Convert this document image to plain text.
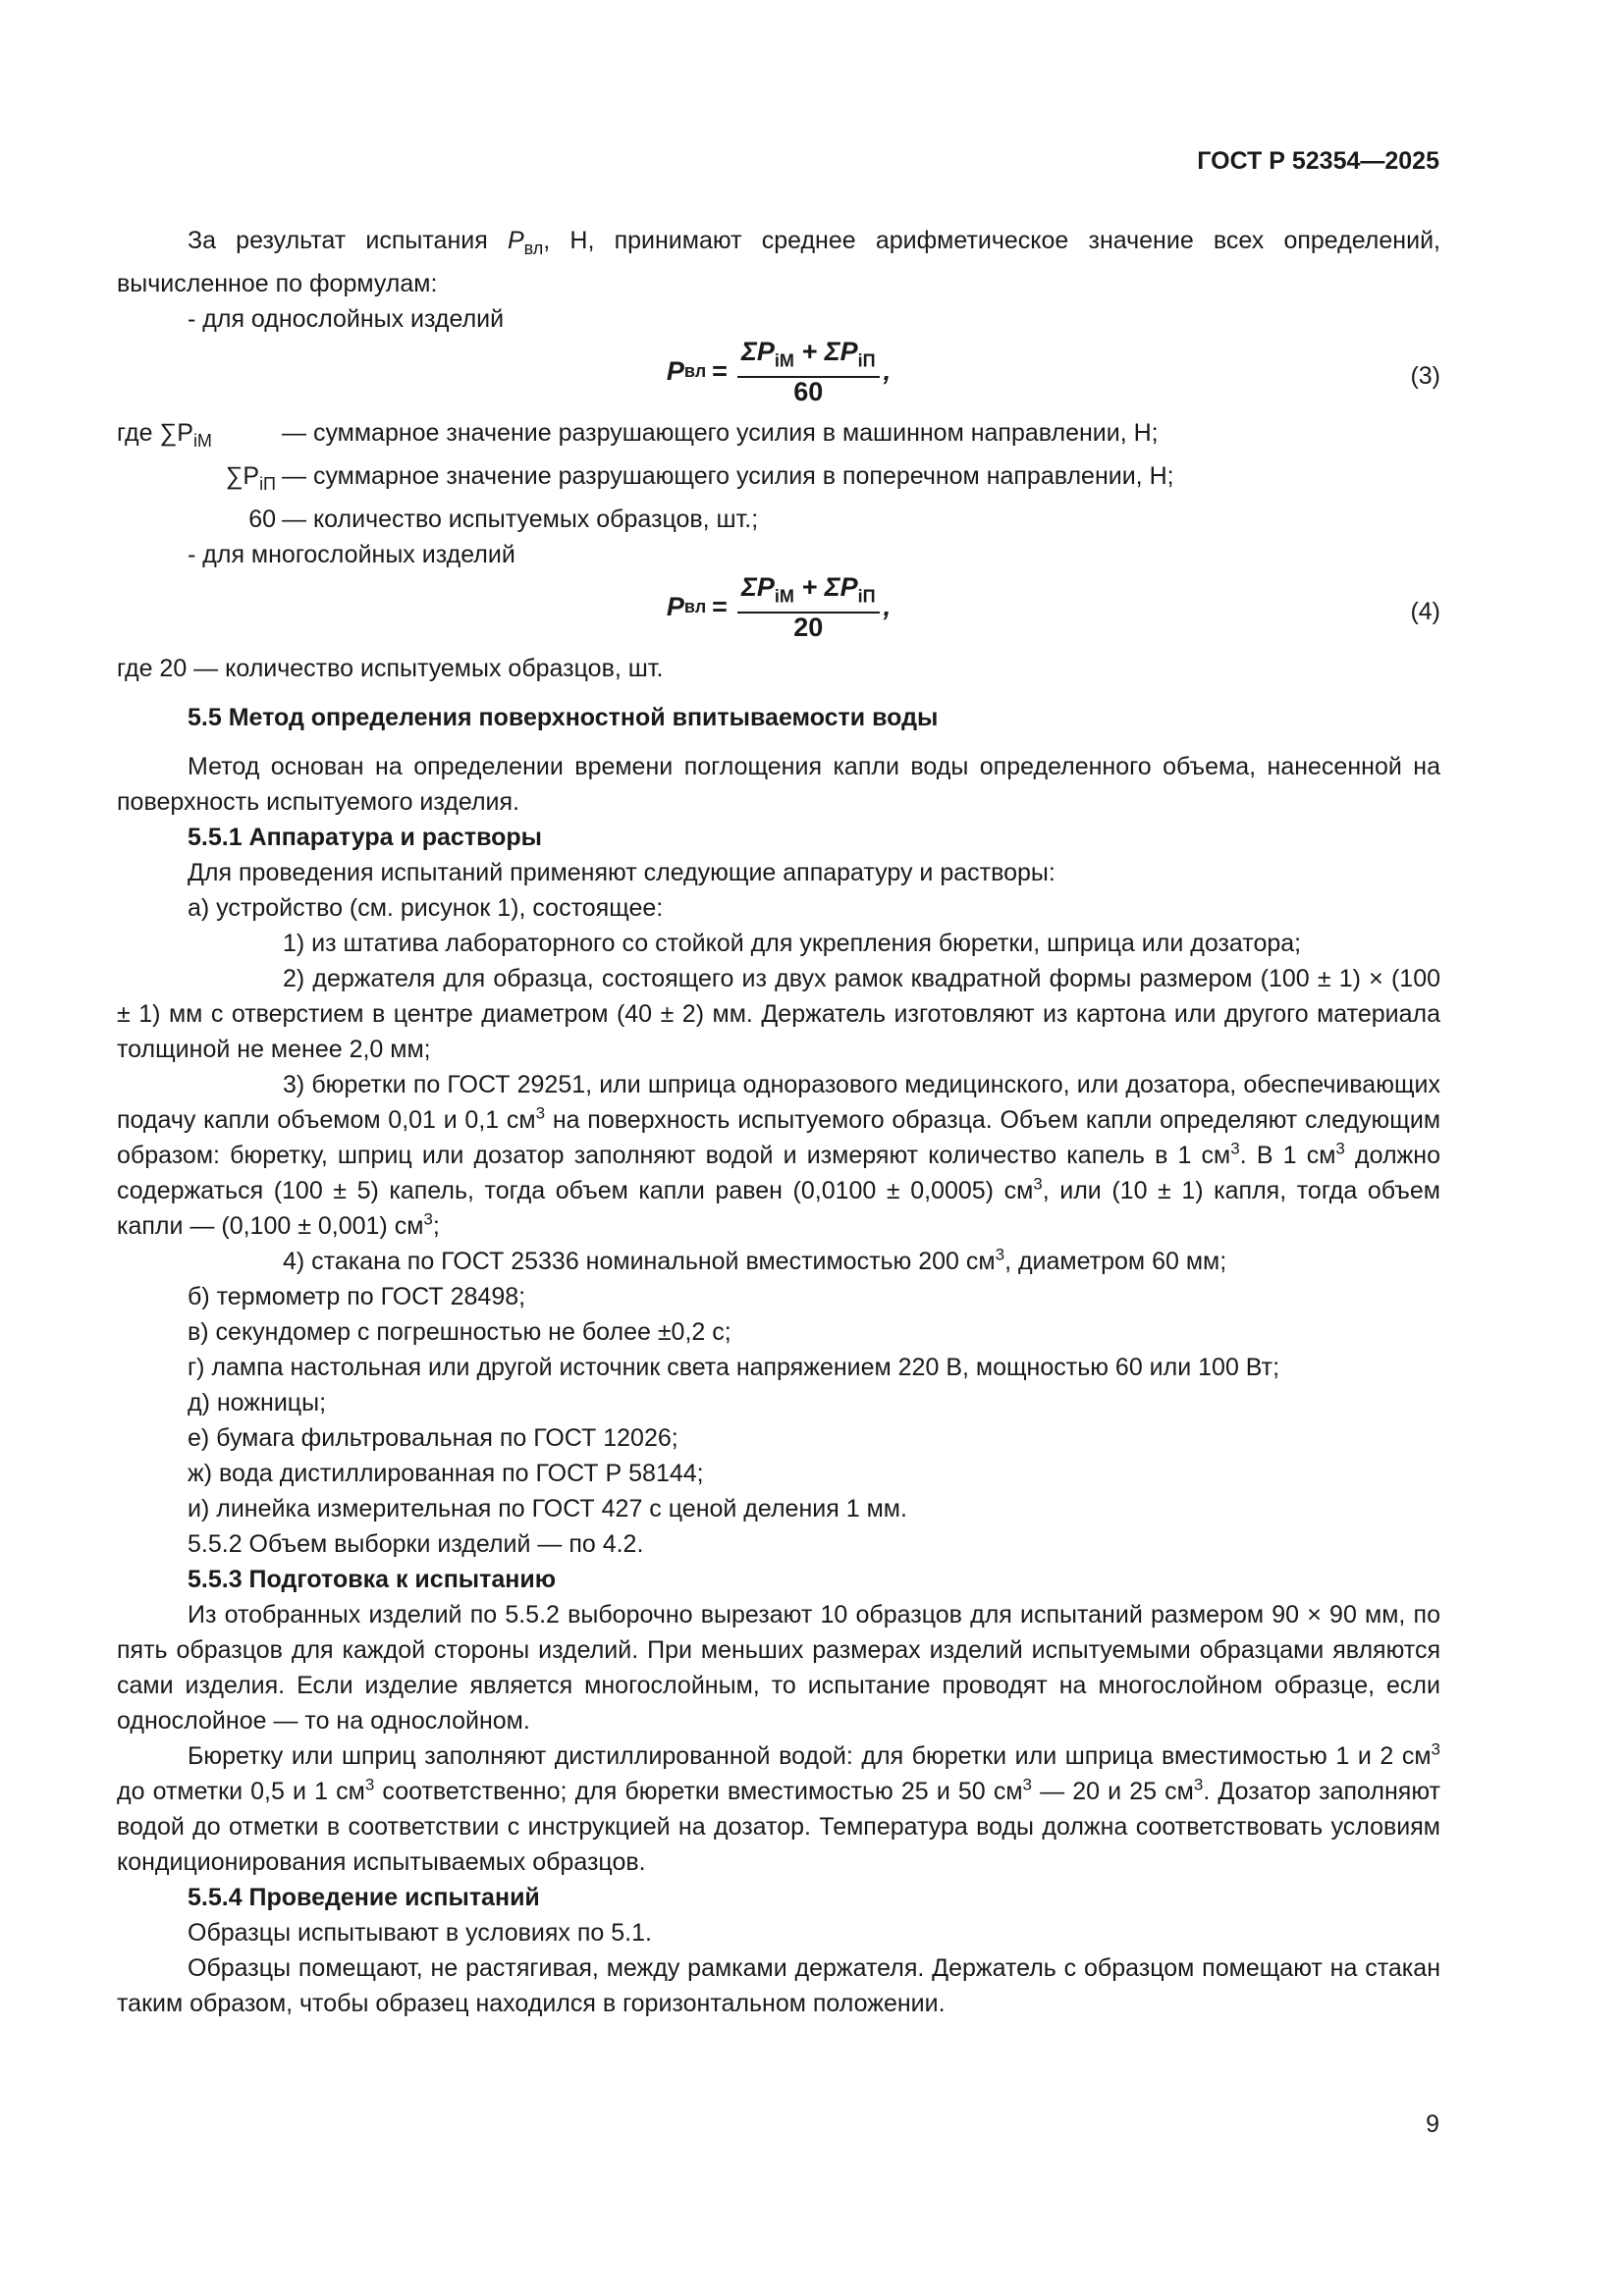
ГОСТ Р 52354—2025

За результат испытания $P_{вл}$, Н, принимают среднее арифметическое значение всех определений, вычисленное по формулам:

- для однослойных изделий

P вл = $\frac{\Sigma P_{iМ} + \Sigma P_{iП}}{60}$ ,	(3)
где $\sum P_{iМ}$	— суммарное значение разрушающего усилия в машинном направлении, Н;
$\sum P_{iП}$ — суммарное значение разрушающего усилия в поперечном направлении, Н;
60 — количество испытуемых образцов, шт.;

- для многослойных изделий

P вл = $\frac{\Sigma P_{iМ} + \Sigma P_{iП}}{20}$ ,	(4)

где 20 — количество испытуемых образцов, шт.

5.5 Метод определения поверхностной впитываемости воды

Метод основан на определении времени поглощения капли воды определенного объема, нанесенной на поверхность испытуемого изделия.

5.5.1 Аппаратура и растворы

Для проведения испытаний применяют следующие аппаратуру и растворы:

а) устройство (см. рисунок 1), состоящее:

1) из штатива лабораторного со стойкой для укрепления бюретки, шприца или дозатора;

2) держателя для образца, состоящего из двух рамок квадратной формы размером (100 ± 1) × (100 ± 1) мм с отверстием в центре диаметром (40 ± 2) мм. Держатель изготовляют из картона или другого материала толщиной не менее 2,0 мм;

3) бюретки по ГОСТ 29251, или шприца одноразового медицинского, или дозатора, обеспечивающих подачу капли объемом 0,01 и 0,1 $см^3$ на поверхность испытуемого образца. Объем капли определяют следующим образом: бюретку, шприц или дозатор заполняют водой и измеряют количество капель в 1 $см^3$. В 1 $см^3$ должно содержаться (100 ± 5) капель, тогда объем капли равен (0,0100 ± 0,0005) $см^3$, или (10 ± 1) капля, тогда объем капли — (0,100 ± 0,001) $см^3$;

4) стакана по ГОСТ 25336 номинальной вместимостью 200 $см^3$, диаметром 60 мм;

б) термометр по ГОСТ 28498;

в) секундомер с погрешностью не более ±0,2 с;

г) лампа настольная или другой источник света напряжением 220 В, мощностью 60 или 100 Вт;

д) ножницы;

е) бумага фильтровальная по ГОСТ 12026;

ж) вода дистиллированная по ГОСТ Р 58144;

и) линейка измерительная по ГОСТ 427 с ценой деления 1 мм.

5.5.2 Объем выборки изделий — по 4.2.

5.5.3 Подготовка к испытанию

Из отобранных изделий по 5.5.2 выборочно вырезают 10 образцов для испытаний размером 90 × 90 мм, по пять образцов для каждой стороны изделий. При меньших размерах изделий испытуемыми образцами являются сами изделия. Если изделие является многослойным, то испытание проводят на многослойном образце, если однослойное — то на однослойном.

Бюретку или шприц заполняют дистиллированной водой: для бюретки или шприца вместимостью 1 и 2 $см^3$ до отметки 0,5 и 1 $см^3$ соответственно; для бюретки вместимостью 25 и 50 $см^3$ — 20 и 25 $см^3$. Дозатор заполняют водой до отметки в соответствии с инструкцией на дозатор. Температура воды должна соответствовать условиям кондиционирования испытываемых образцов.

5.5.4 Проведение испытаний

Образцы испытывают в условиях по 5.1.

Образцы помещают, не растягивая, между рамками держателя. Держатель с образцом помещают на стакан таким образом, чтобы образец находился в горизонтальном положении.

9
